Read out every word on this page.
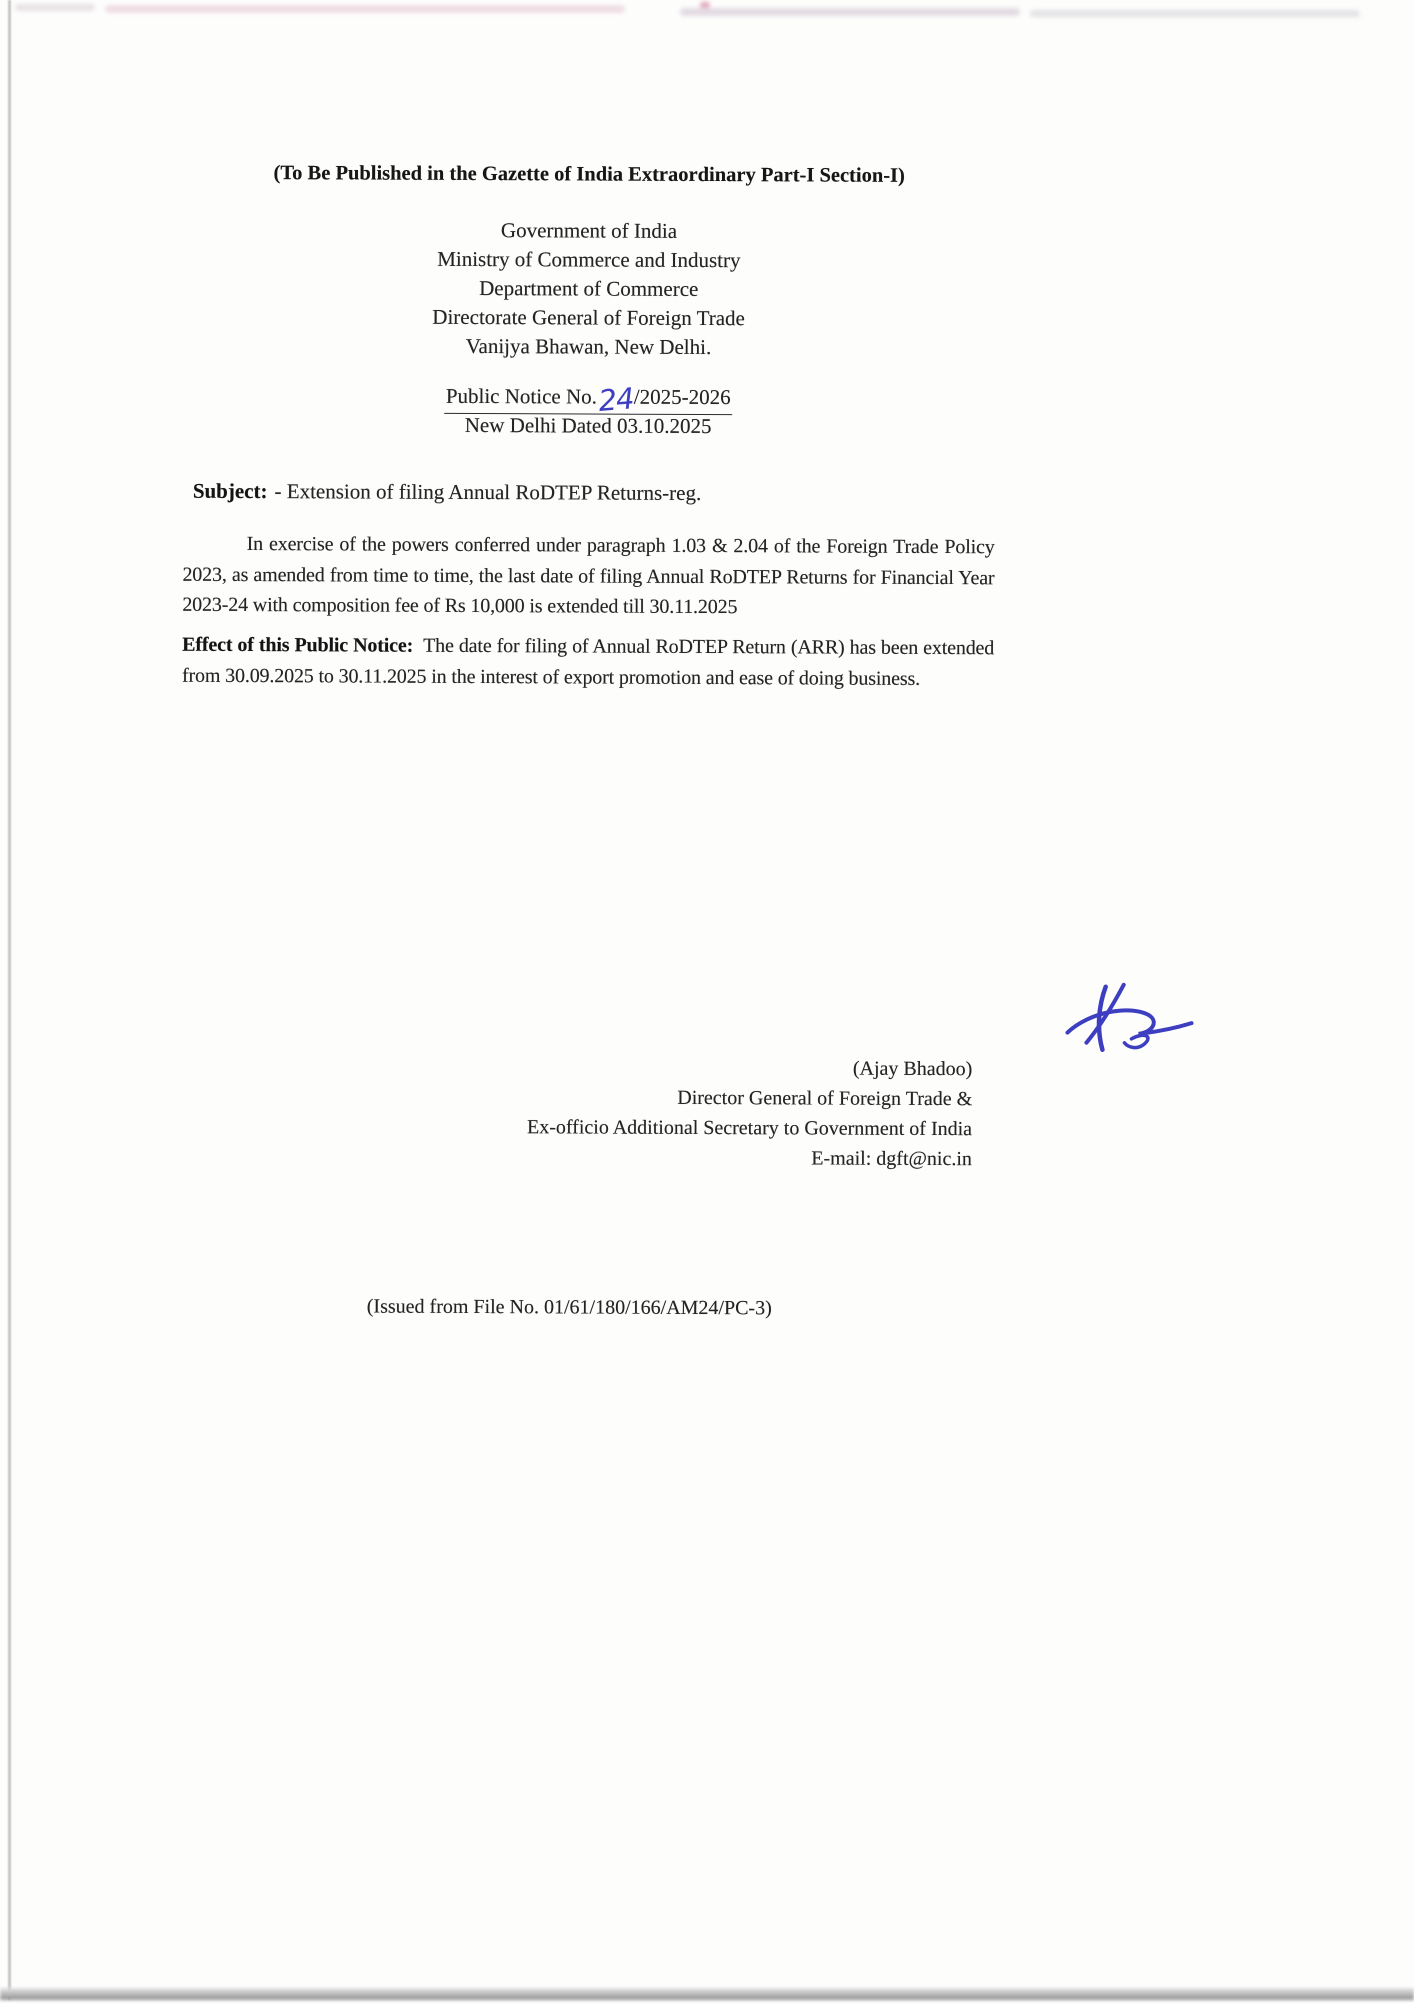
(To Be Published in the Gazette of India Extraordinary Part-I Section-I)
Government of India
Ministry of Commerce and Industry
Department of Commerce
Directorate General of Foreign Trade
Vanijya Bhawan, New Delhi.
Public Notice No.24/2025-2026
New Delhi Dated 03.10.2025
Subject: - Extension of filing Annual RoDTEP Returns-reg.
In exercise of the powers conferred under paragraph 1.03 & 2.04 of the Foreign Trade Policy 2023, as amended from time to time, the last date of filing Annual RoDTEP Returns for Financial Year 2023-24 with composition fee of Rs 10,000 is extended till 30.11.2025
Effect of this Public Notice: The date for filing of Annual RoDTEP Return (ARR) has been extended from 30.09.2025 to 30.11.2025 in the interest of export promotion and ease of doing business.
(Ajay Bhadoo)
Director General of Foreign Trade &
Ex-officio Additional Secretary to Government of India
E-mail: dgft@nic.in
(Issued from File No. 01/61/180/166/AM24/PC-3)
